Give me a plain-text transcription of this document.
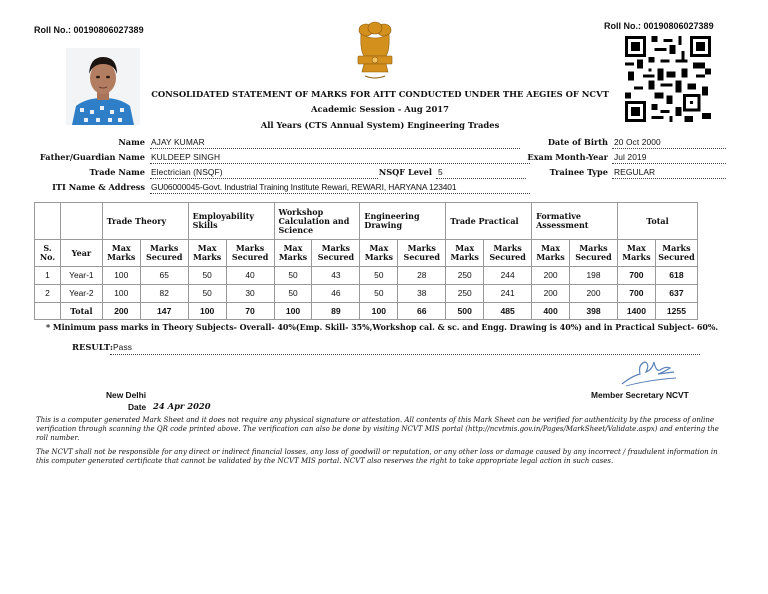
Roll No.: 00190806027389	Roll No.: 00190806027389
CONSOLIDATED STATEMENT OF MARKS FOR AITT CONDUCTED UNDER THE AEGIES OF NCVT
Academic Session - Aug 2017
All Years (CTS Annual System) Engineering Trades
Name AJAY KUMAR
Father/Guardian Name KULDEEP SINGH
Trade Name Electrician (NSQF)	NSQF Level 5
ITI Name & Address GU06000045-Govt. Industrial Training Institute Rewari, REWARI, HARYANA 123401
Date of Birth 20 Oct 2000
Exam Month-Year Jul 2019
Trainee Type REGULAR
		Trade Theory		Employability Skills		Workshop Calculation and Science		Engineering Drawing		Trade Practical		Formative Assessment		Total	
S. No.	Year	Max Marks	Marks Secured	Max Marks	Marks Secured	Max Marks	Marks Secured	Max Marks	Marks Secured	Max Marks	Marks Secured	Max Marks	Marks Secured	Max Marks	Marks Secured
1	Year-1	100	65	50	40	50	43	50	28	250	244	200	198	700	618
2	Year-2	100	82	50	30	50	46	50	38	250	241	200	200	700	637
	Total	200	147	100	70	100	89	100	66	500	485	400	398	1400	1255
* Minimum pass marks in Theory Subjects- Overall- 40%(Emp. Skill- 35%,Workshop cal. & sc. and Engg. Drawing is 40%) and in Practical Subject- 60%.
RESULT: Pass
New Delhi
Date 24 Apr 2020
Member Secretary NCVT
This is a computer generated Mark Sheet and it does not require any physical signature or attestation. All contents of this Mark Sheet can be verified for authenticity by the process of online verification through scanning the QR code printed above. The verification can also be done by visiting NCVT MIS portal (http://ncvtmis.gov.in/Pages/MarkSheet/Validate.aspx) and entering the roll number.
The NCVT shall not be responsible for any direct or indirect financial losses, any loss of goodwill or reputation, or any other loss or damage caused by any incorrect / fraudulent information in this computer generated certificate that cannot be validated by the NCVT MIS portal. NCVT also reserves the right to take appropriate legal action in such cases.
